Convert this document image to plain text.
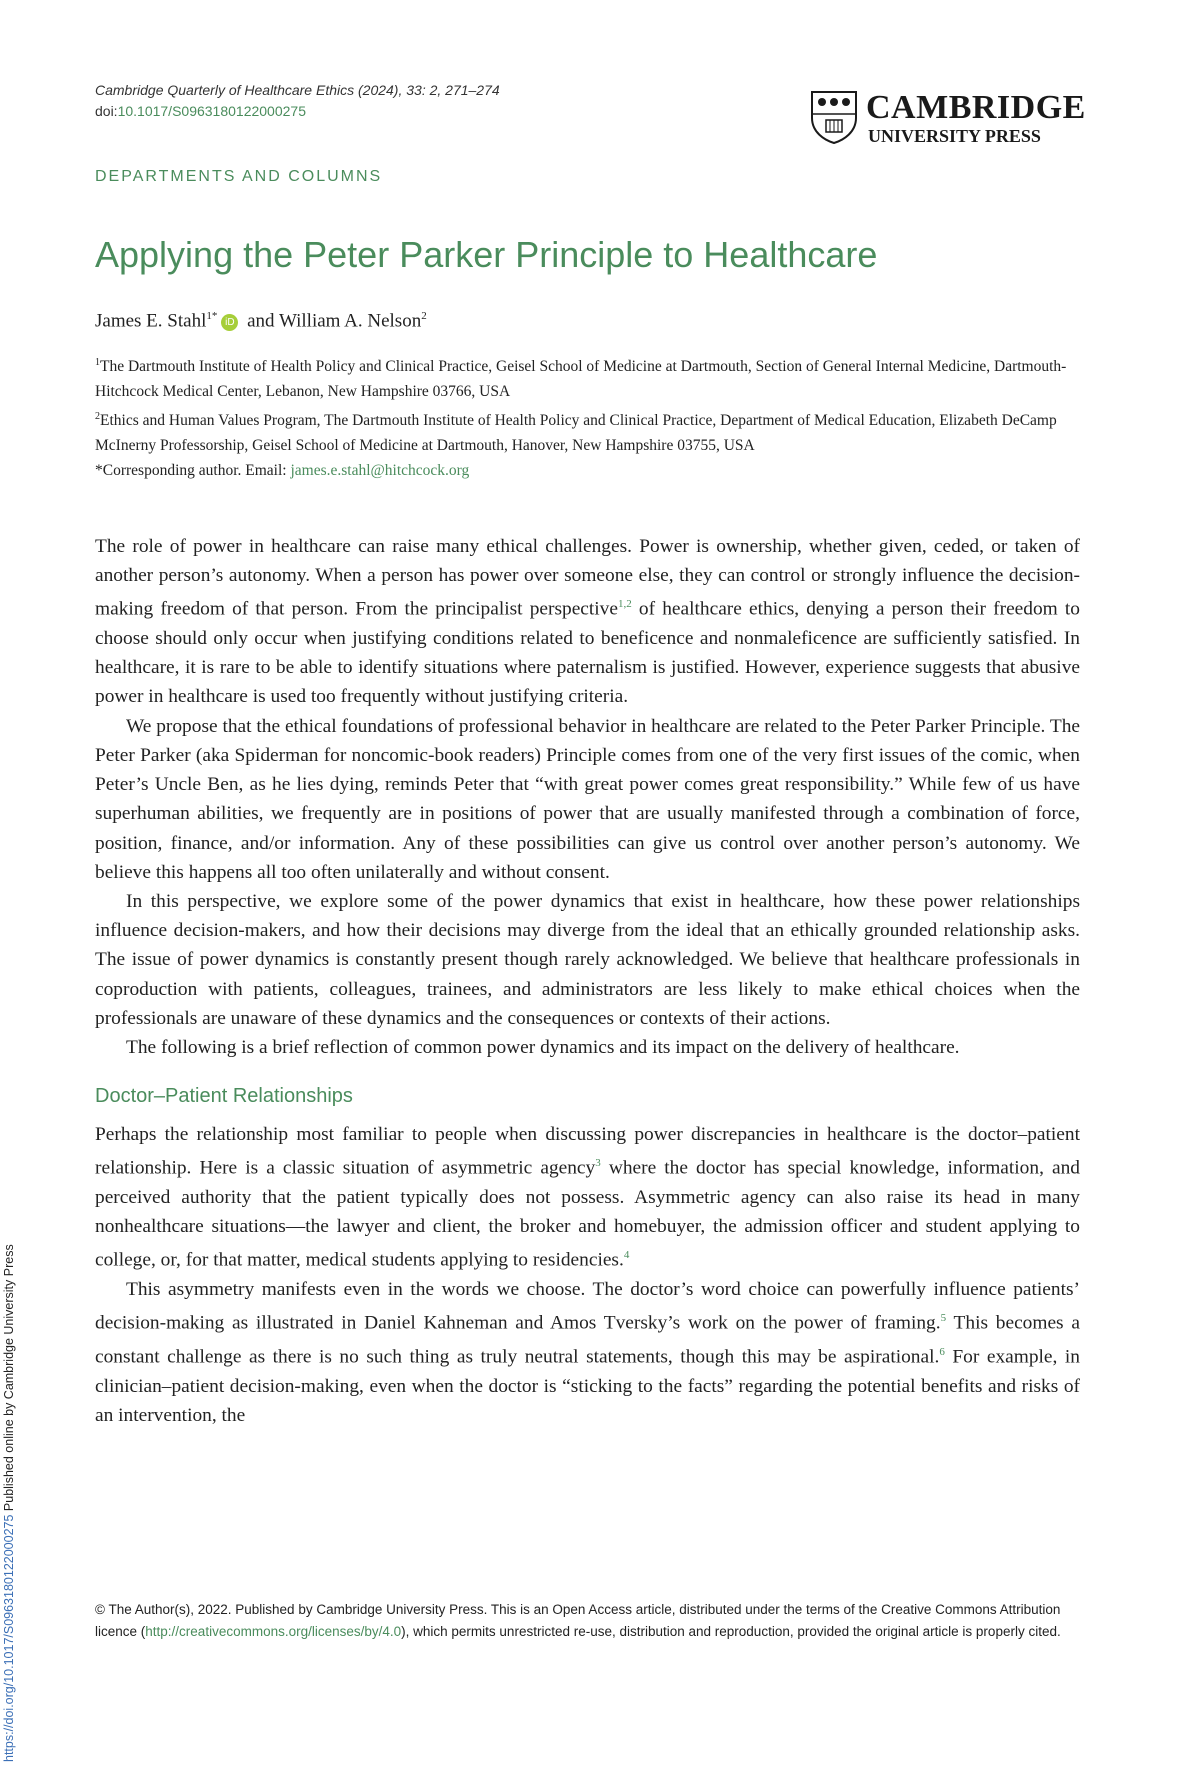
Cambridge Quarterly of Healthcare Ethics (2024), 33: 2, 271–274
doi:10.1017/S0963180122000275	CAMBRIDGE
UNIVERSITY PRESS
DEPARTMENTS AND COLUMNS
Applying the Peter Parker Principle to Healthcare
James E. Stahl$^{1*}$iD and William A. Nelson$^2$

$^1$The Dartmouth Institute of Health Policy and Clinical Practice, Geisel School of Medicine at Dartmouth, Section of General Internal Medicine, Dartmouth-Hitchcock Medical Center, Lebanon, New Hampshire 03766, USA

$^2$Ethics and Human Values Program, The Dartmouth Institute of Health Policy and Clinical Practice, Department of Medical Education, Elizabeth DeCamp McInerny Professorship, Geisel School of Medicine at Dartmouth, Hanover, New Hampshire 03755, USA

*Corresponding author. Email: james.e.stahl@hitchcock.org

The role of power in healthcare can raise many ethical challenges. Power is ownership, whether given, ceded, or taken of another person’s autonomy. When a person has power over someone else, they can control or strongly influence the decision-making freedom of that person. From the principalist perspective$^{1,2}$ of healthcare ethics, denying a person their freedom to choose should only occur when justifying conditions related to beneficence and nonmaleficence are sufficiently satisfied. In healthcare, it is rare to be able to identify situations where paternalism is justified. However, experience suggests that abusive power in healthcare is used too frequently without justifying criteria.

We propose that the ethical foundations of professional behavior in healthcare are related to the Peter Parker Principle. The Peter Parker (aka Spiderman for noncomic-book readers) Principle comes from one of the very first issues of the comic, when Peter’s Uncle Ben, as he lies dying, reminds Peter that “with great power comes great responsibility.” While few of us have superhuman abilities, we frequently are in positions of power that are usually manifested through a combination of force, position, finance, and/or information. Any of these possibilities can give us control over another person’s autonomy. We believe this happens all too often unilaterally and without consent.

In this perspective, we explore some of the power dynamics that exist in healthcare, how these power relationships influence decision-makers, and how their decisions may diverge from the ideal that an ethically grounded relationship asks. The issue of power dynamics is constantly present though rarely acknowledged. We believe that healthcare professionals in coproduction with patients, colleagues, trainees, and administrators are less likely to make ethical choices when the professionals are unaware of these dynamics and the consequences or contexts of their actions.

The following is a brief reflection of common power dynamics and its impact on the delivery of healthcare.

Doctor–Patient Relationships

Perhaps the relationship most familiar to people when discussing power discrepancies in healthcare is the doctor–patient relationship. Here is a classic situation of asymmetric agency$^3$ where the doctor has special knowledge, information, and perceived authority that the patient typically does not possess. Asymmetric agency can also raise its head in many nonhealthcare situations—the lawyer and client, the broker and homebuyer, the admission officer and student applying to college, or, for that matter, medical students applying to residencies.$^4$

This asymmetry manifests even in the words we choose. The doctor’s word choice can powerfully influence patients’ decision-making as illustrated in Daniel Kahneman and Amos Tversky’s work on the power of framing.$^5$ This becomes a constant challenge as there is no such thing as truly neutral statements, though this may be aspirational.$^6$ For example, in clinician–patient decision-making, even when the doctor is “sticking to the facts” regarding the potential benefits and risks of an intervention, the

© The Author(s), 2022. Published by Cambridge University Press. This is an Open Access article, distributed under the terms of the Creative Commons Attribution licence (http://creativecommons.org/licenses/by/4.0), which permits unrestricted re-use, distribution and reproduction, provided the original article is properly cited.
https://doi.org/10.1017/S0963180122000275 Published online by Cambridge University Press
